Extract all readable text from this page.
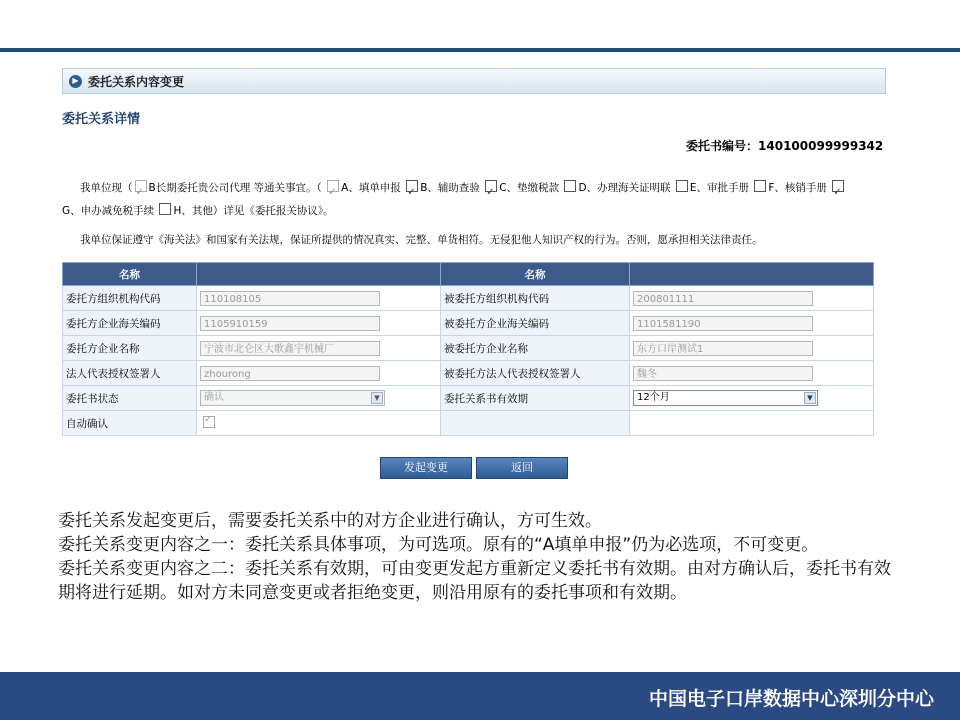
▶ 委托关系内容变更
委托关系详情
委托书编号：140100099999342
我单位现（ ✓ B长期委托贵公司代理 等通关事宜。（ ✓ A、填单申报 ✓ B、辅助查验 ✓ C、垫缴税款 D、办理海关证明联 E、审批手册 F、核销手册 ✓
G、申办减免税手续 H、其他）详见《委托报关协议》。
我单位保证遵守《海关法》和国家有关法规，保证所提供的情况真实、完整、单货相符。无侵犯他人知识产权的行为。否则，愿承担相关法律责任。
名称		名称	
委托方组织机构代码	110108105	被委托方组织机构代码	200801111

委托方企业海关编码	1105910159	被委托方企业海关编码	1101581190

委托方企业名称	宁波市北仑区大歌鑫宇机械厂	被委托方企业名称	东方口岸测试1

法人代表授权签署人	zhourong	被委托方法人代表授权签署人	魏冬

委托书状态	确认 ▼	委托关系书有效期	12个月 ▼

自动确认	✓		
发起变更	返回

委托关系发起变更后，需要委托关系中的对方企业进行确认，方可生效。

委托关系变更内容之一：委托关系具体事项，为可选项。原有的“A填单申报”仍为必选项，不可变更。

委托关系变更内容之二：委托关系有效期，可由变更发起方重新定义委托书有效期。由对方确认后，委托书有效期将进行延期。如对方未同意变更或者拒绝变更，则沿用原有的委托事项和有效期。

中国电子口岸数据中心深圳分中心
